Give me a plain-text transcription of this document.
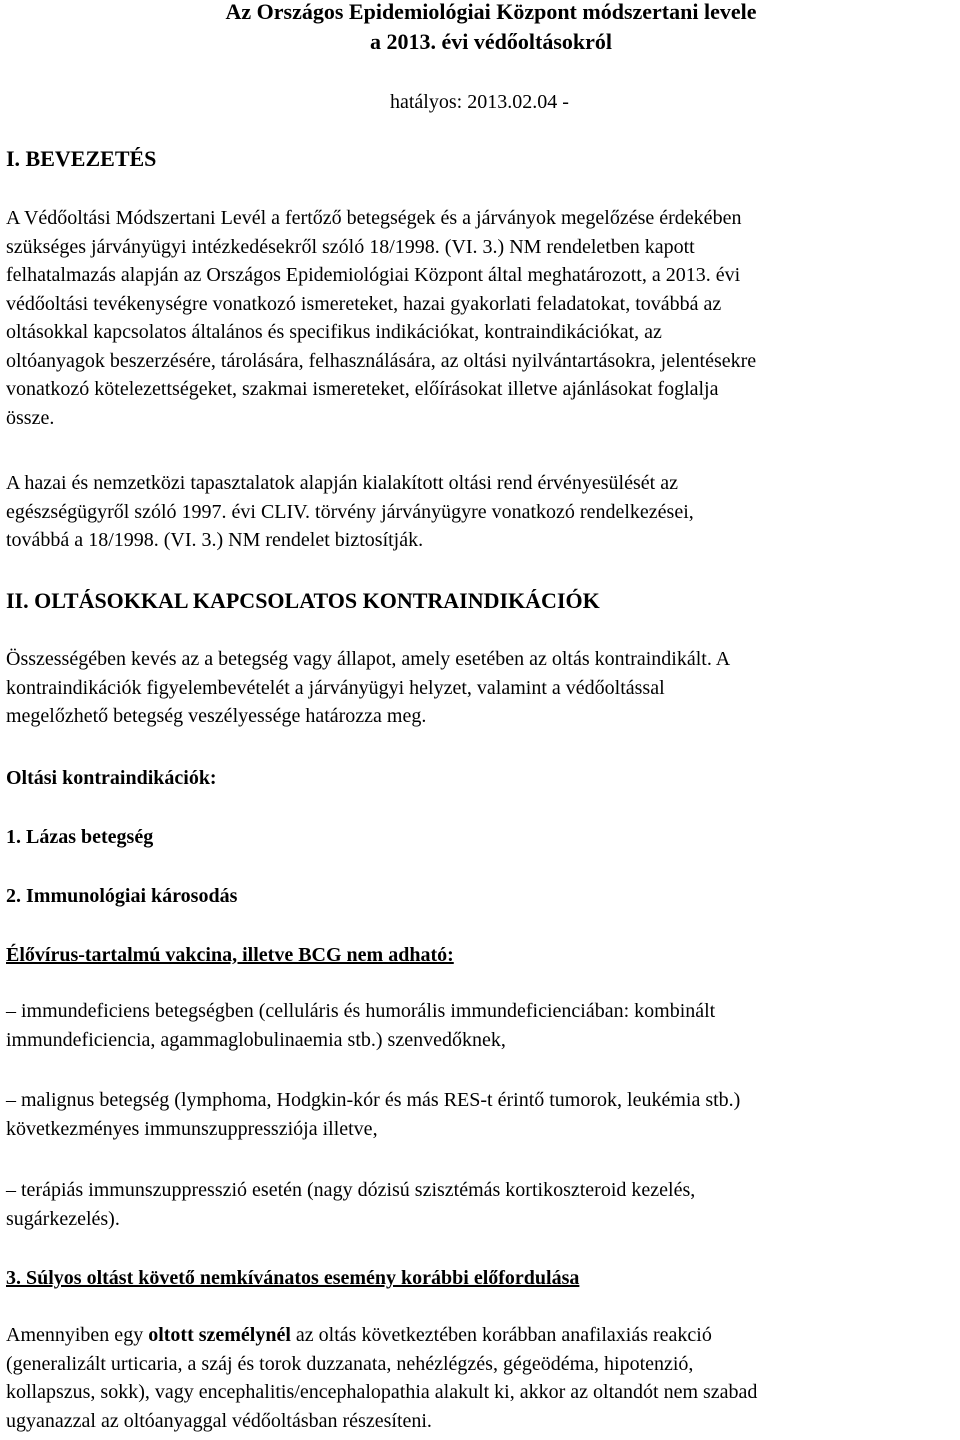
Az Országos Epidemiológiai Központ módszertani levele
a 2013. évi védőoltásokról
hatályos: 2013.02.04 -
I. BEVEZETÉS

A Védőoltási Módszertani Levél a fertőző betegségek és a járványok megelőzése érdekében
szükséges járványügyi intézkedésekről szóló 18/1998. (VI. 3.) NM rendeletben kapott
felhatalmazás alapján az Országos Epidemiológiai Központ által meghatározott, a 2013. évi
védőoltási tevékenységre vonatkozó ismereteket, hazai gyakorlati feladatokat, továbbá az
oltásokkal kapcsolatos általános és specifikus indikációkat, kontraindikációkat, az
oltóanyagok beszerzésére, tárolására, felhasználására, az oltási nyilvántartásokra, jelentésekre
vonatkozó kötelezettségeket, szakmai ismereteket, előírásokat illetve ajánlásokat foglalja
össze.

A hazai és nemzetközi tapasztalatok alapján kialakított oltási rend érvényesülését az
egészségügyről szóló 1997. évi CLIV. törvény járványügyre vonatkozó rendelkezései,
továbbá a 18/1998. (VI. 3.) NM rendelet biztosítják.

II. OLTÁSOKKAL KAPCSOLATOS KONTRAINDIKÁCIÓK

Összességében kevés az a betegség vagy állapot, amely esetében az oltás kontraindikált. A
kontraindikációk figyelembevételét a járványügyi helyzet, valamint a védőoltással
megelőzhető betegség veszélyessége határozza meg.

Oltási kontraindikációk:
1. Lázas betegség
2. Immunológiai károsodás
Élővírus-tartalmú vakcina, illetve BCG nem adható:

– immundeficiens betegségben (celluláris és humorális immundeficienciában: kombinált
immundeficiencia, agammaglobulinaemia stb.) szenvedőknek,

– malignus betegség (lymphoma, Hodgkin-kór és más RES-t érintő tumorok, leukémia stb.)
következményes immunszuppressziója illetve,

– terápiás immunszuppresszió esetén (nagy dózisú szisztémás kortikoszteroid kezelés,
sugárkezelés).

3. Súlyos oltást követő nemkívánatos esemény korábbi előfordulása

Amennyiben egy oltott személynél az oltás következtében korábban anafilaxiás reakció
(generalizált urticaria, a száj és torok duzzanata, nehézlégzés, gégeödéma, hipotenzió,
kollapszus, sokk), vagy encephalitis/encephalopathia alakult ki, akkor az oltandót nem szabad
ugyanazzal az oltóanyaggal védőoltásban részesíteni.
